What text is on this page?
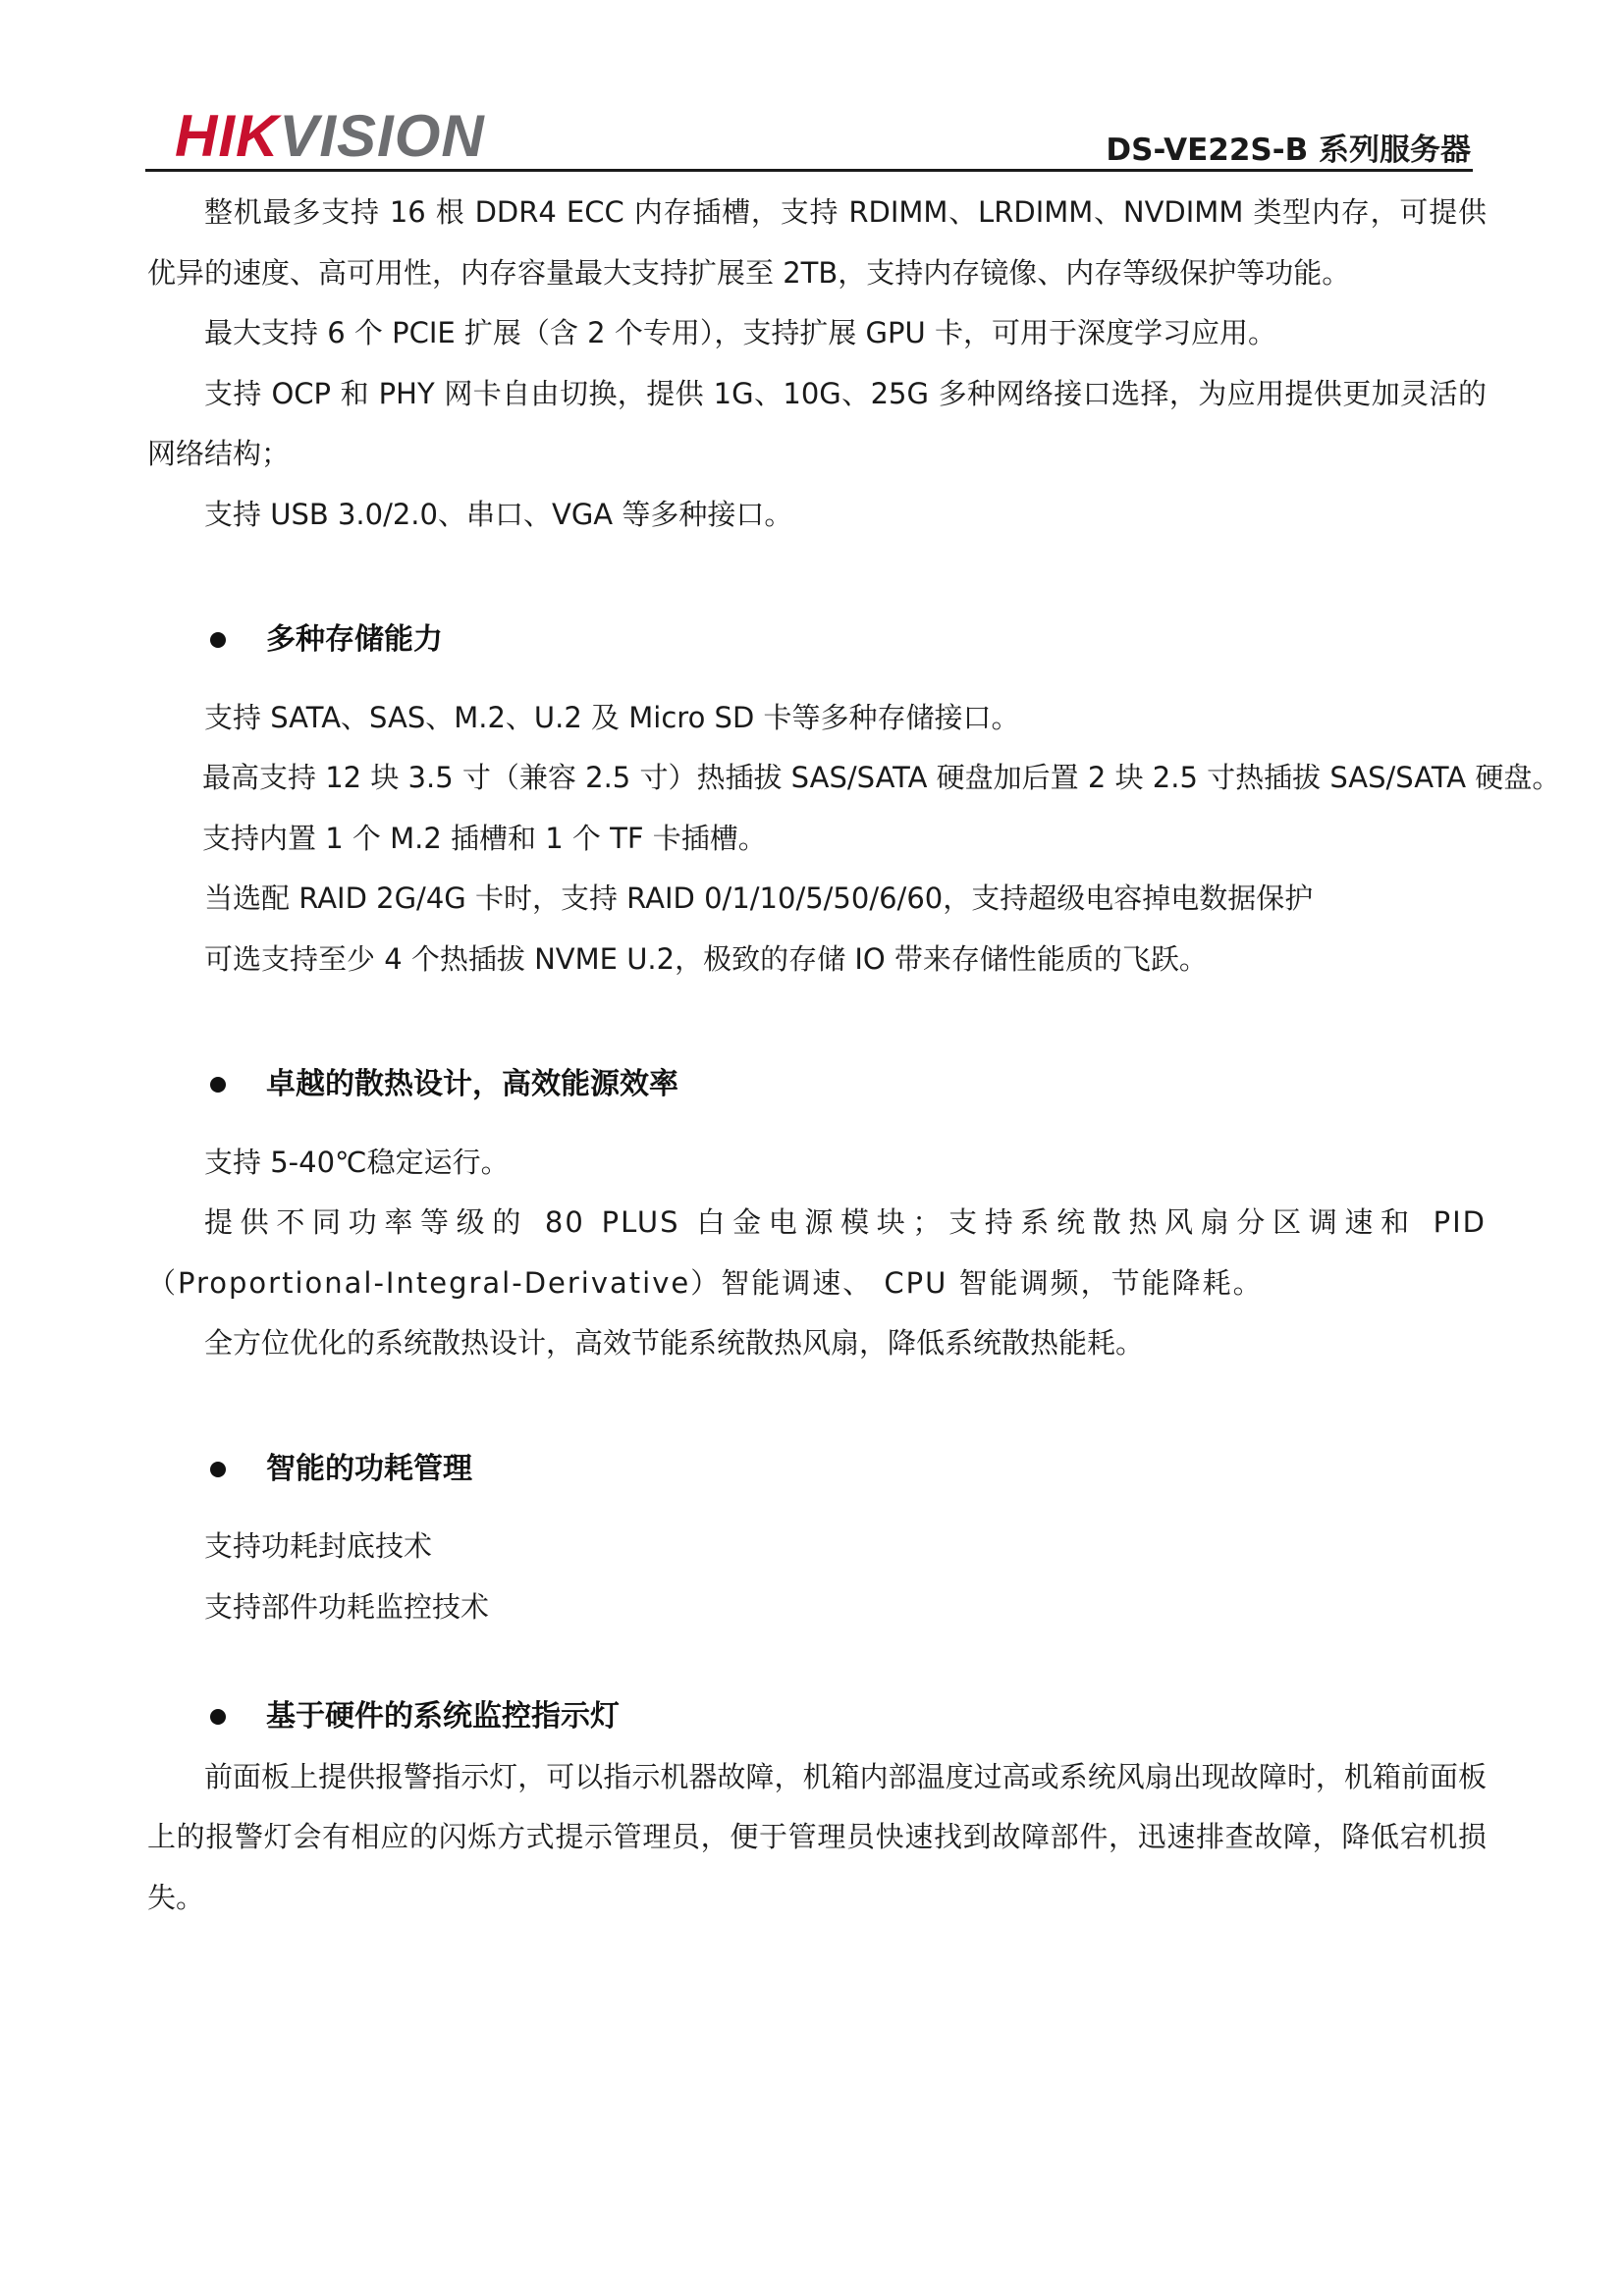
HIKVISION	DS-VE22S-B 系列服务器

整机最多支持 16 根 DDR4 ECC 内存插槽，支持 RDIMM、LRDIMM、NVDIMM 类型内存，可提供优异的速度、高可用性，内存容量最大支持扩展至 2TB，支持内存镜像、内存等级保护等功能。

最大支持 6 个 PCIE 扩展（含 2 个专用），支持扩展 GPU 卡，可用于深度学习应用。

支持 OCP 和 PHY 网卡自由切换，提供 1G、10G、25G 多种网络接口选择，为应用提供更加灵活的网络结构；

支持 USB 3.0/2.0、串口、VGA 等多种接口。

多种存储能力

支持 SATA、SAS、M.2、U.2 及 Micro SD 卡等多种存储接口。

最高支持 12 块 3.5 寸（兼容 2.5 寸）热插拔 SAS/SATA 硬盘加后置 2 块 2.5 寸热插拔 SAS/SATA 硬盘。

支持内置 1 个 M.2 插槽和 1 个 TF 卡插槽。

当选配 RAID 2G/4G 卡时，支持 RAID 0/1/10/5/50/6/60，支持超级电容掉电数据保护

可选支持至少 4 个热插拔 NVME U.2，极致的存储 IO 带来存储性能质的飞跃。

卓越的散热设计，高效能源效率

支持 5-40℃稳定运行。

提供不同功率等级的 80 PLUS 白金电源模块；支持系统散热风扇分区调速和 PID（Proportional-Integral-Derivative）智能调速、 CPU 智能调频，节能降耗。

全方位优化的系统散热设计，高效节能系统散热风扇，降低系统散热能耗。

智能的功耗管理

支持功耗封底技术

支持部件功耗监控技术

基于硬件的系统监控指示灯

前面板上提供报警指示灯，可以指示机器故障，机箱内部温度过高或系统风扇出现故障时，机箱前面板上的报警灯会有相应的闪烁方式提示管理员，便于管理员快速找到故障部件，迅速排查故障，降低宕机损失。
